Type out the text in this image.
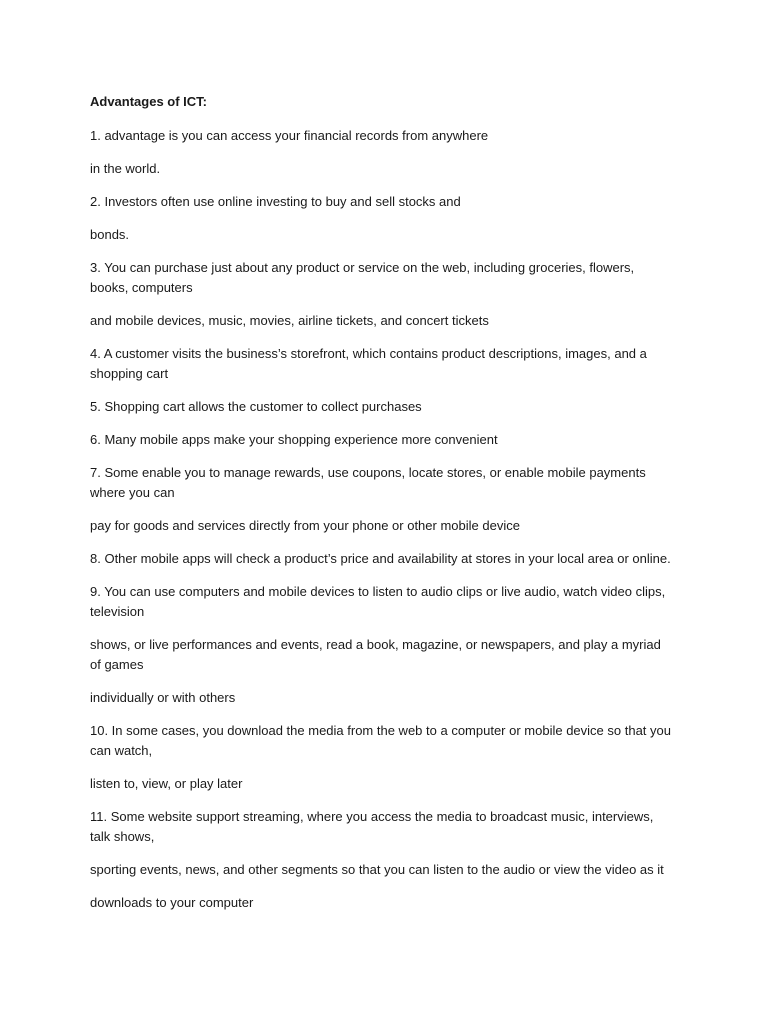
Advantages of ICT:

1. advantage is you can access your financial records from anywhere

in the world.

2. Investors often use online investing to buy and sell stocks and

bonds.

3. You can purchase just about any product or service on the web, including groceries, flowers, books, computers

and mobile devices, music, movies, airline tickets, and concert tickets

4. A customer visits the business’s storefront, which contains product descriptions, images, and a shopping cart

5. Shopping cart allows the customer to collect purchases

6. Many mobile apps make your shopping experience more convenient

7. Some enable you to manage rewards, use coupons, locate stores, or enable mobile payments where you can

pay for goods and services directly from your phone or other mobile device

8. Other mobile apps will check a product’s price and availability at stores in your local area or online.

9. You can use computers and mobile devices to listen to audio clips or live audio, watch video clips, television

shows, or live performances and events, read a book, magazine, or newspapers, and play a myriad of games

individually or with others

10. In some cases, you download the media from the web to a computer or mobile device so that you can watch,

listen to, view, or play later

11. Some website support streaming, where you access the media to broadcast music, interviews, talk shows,

sporting events, news, and other segments so that you can listen to the audio or view the video as it

downloads to your computer
